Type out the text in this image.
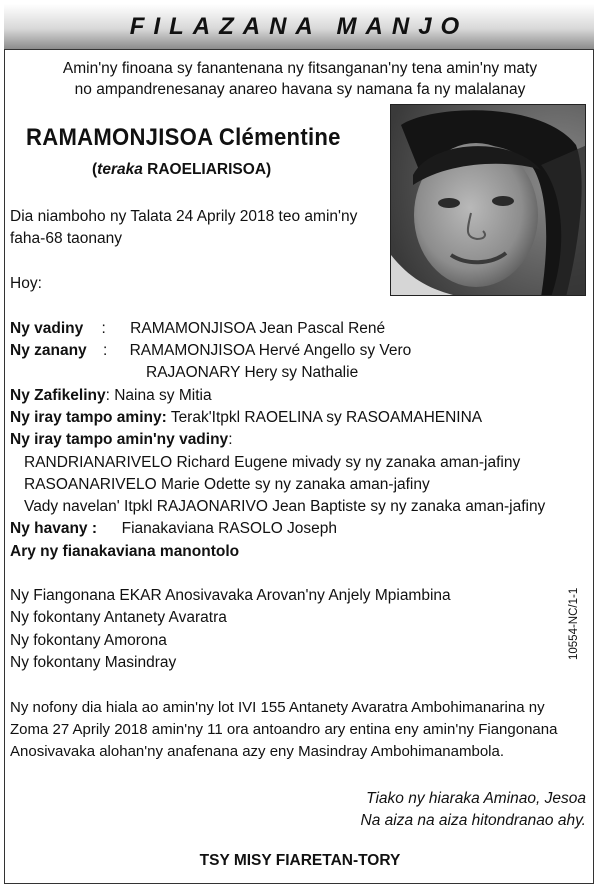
FILAZANA MANJO
Amin'ny finoana sy fanantenana ny fitsanganan'ny tena amin'ny maty
no ampandrenesanay anareo havana sy namana fa ny malalanay
RAMAMONJISOA Clémentine
(teraka RAOELIARISOA)
Dia niamboho ny Talata 24 Aprily 2018 teo amin'ny
faha-68 taonany
Hoy:
Ny vadiny : RAMAMONJISOA Jean Pascal René
Ny zanany : RAMAMONJISOA Hervé Angello sy Vero
RAJAONARY Hery sy Nathalie
Ny Zafikeliny: Naina sy Mitia
Ny iray tampo aminy: Terak'Itpkl RAOELINA sy RASOAMAHENINA
Ny iray tampo amin'ny vadiny:
RANDRIANARIVELO Richard Eugene mivady sy ny zanaka aman-jafiny
RASOANARIVELO Marie Odette sy ny zanaka aman-jafiny
Vady navelan' Itpkl RAJAONARIVO Jean Baptiste sy ny zanaka aman-jafiny
Ny havany : Fianakaviana RASOLO Joseph
Ary ny fianakaviana manontolo
Ny Fiangonana EKAR Anosivavaka Arovan'ny Anjely Mpiambina
Ny fokontany Antanety Avaratra
Ny fokontany Amorona
Ny fokontany Masindray
10554-NC/1-1
Ny nofony dia hiala ao amin'ny lot IVI 155 Antanety Avaratra Ambohimanarina ny
Zoma 27 Aprily 2018 amin'ny 11 ora antoandro ary entina eny amin'ny Fiangonana
Anosivavaka alohan'ny anafenana azy eny Masindray Ambohimanambola.
Tiako ny hiaraka Aminao, Jesoa
Na aiza na aiza hitondranao ahy.
TSY MISY FIARETAN-TORY
